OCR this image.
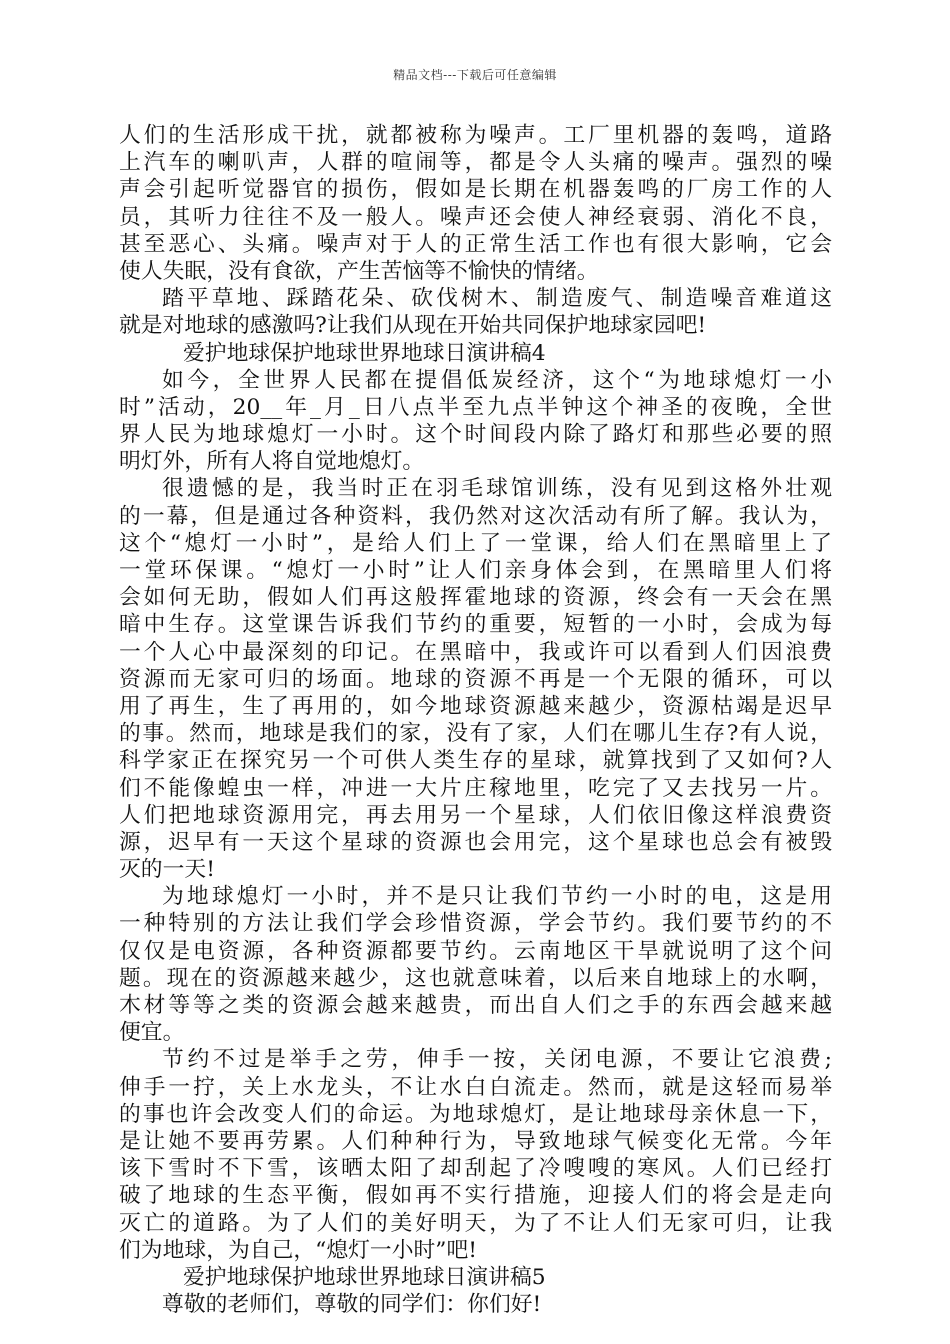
精品文档---下载后可任意编辑
人们的生活形成干扰，就都被称为噪声。工厂里机器的轰鸣，道路
上汽车的喇叭声，人群的喧闹等，都是令人头痛的噪声。强烈的噪
声会引起听觉器官的损伤，假如是长期在机器轰鸣的厂房工作的人
员，其听力往往不及一般人。噪声还会使人神经衰弱、消化不良，
甚至恶心、头痛。噪声对于人的正常生活工作也有很大影响，它会
使人失眠，没有食欲，产生苦恼等不愉快的情绪。
踏平草地、踩踏花朵、砍伐树木、制造废气、制造噪音难道这
就是对地球的感激吗?让我们从现在开始共同保护地球家园吧!
爱护地球保护地球世界地球日演讲稿4
如今，全世界人民都在提倡低炭经济，这个“为地球熄灯一小
时”活动，20__年_月_日八点半至九点半钟这个神圣的夜晚，全世
界人民为地球熄灯一小时。这个时间段内除了路灯和那些必要的照
明灯外，所有人将自觉地熄灯。
很遗憾的是，我当时正在羽毛球馆训练，没有见到这格外壮观
的一幕，但是通过各种资料，我仍然对这次活动有所了解。我认为，
这个“熄灯一小时”，是给人们上了一堂课，给人们在黑暗里上了
一堂环保课。“熄灯一小时”让人们亲身体会到，在黑暗里人们将
会如何无助，假如人们再这般挥霍地球的资源，终会有一天会在黑
暗中生存。这堂课告诉我们节约的重要，短暂的一小时，会成为每
一个人心中最深刻的印记。在黑暗中，我或许可以看到人们因浪费
资源而无家可归的场面。地球的资源不再是一个无限的循环，可以
用了再生，生了再用的，如今地球资源越来越少，资源枯竭是迟早
的事。然而，地球是我们的家，没有了家，人们在哪儿生存?有人说，
科学家正在探究另一个可供人类生存的星球，就算找到了又如何?人
们不能像蝗虫一样，冲进一大片庄稼地里，吃完了又去找另一片。
人们把地球资源用完，再去用另一个星球，人们依旧像这样浪费资
源，迟早有一天这个星球的资源也会用完，这个星球也总会有被毁
灭的一天!
为地球熄灯一小时，并不是只让我们节约一小时的电，这是用
一种特别的方法让我们学会珍惜资源，学会节约。我们要节约的不
仅仅是电资源，各种资源都要节约。云南地区干旱就说明了这个问
题。现在的资源越来越少，这也就意味着，以后来自地球上的水啊，
木材等等之类的资源会越来越贵，而出自人们之手的东西会越来越
便宜。
节约不过是举手之劳，伸手一按，关闭电源，不要让它浪费;
伸手一拧，关上水龙头，不让水白白流走。然而，就是这轻而易举
的事也许会改变人们的命运。为地球熄灯，是让地球母亲休息一下，
是让她不要再劳累。人们种种行为，导致地球气候变化无常。今年
该下雪时不下雪，该晒太阳了却刮起了冷嗖嗖的寒风。人们已经打
破了地球的生态平衡，假如再不实行措施，迎接人们的将会是走向
灭亡的道路。为了人们的美好明天，为了不让人们无家可归，让我
们为地球，为自己，“熄灯一小时”吧!
爱护地球保护地球世界地球日演讲稿5
尊敬的老师们，尊敬的同学们：你们好!
